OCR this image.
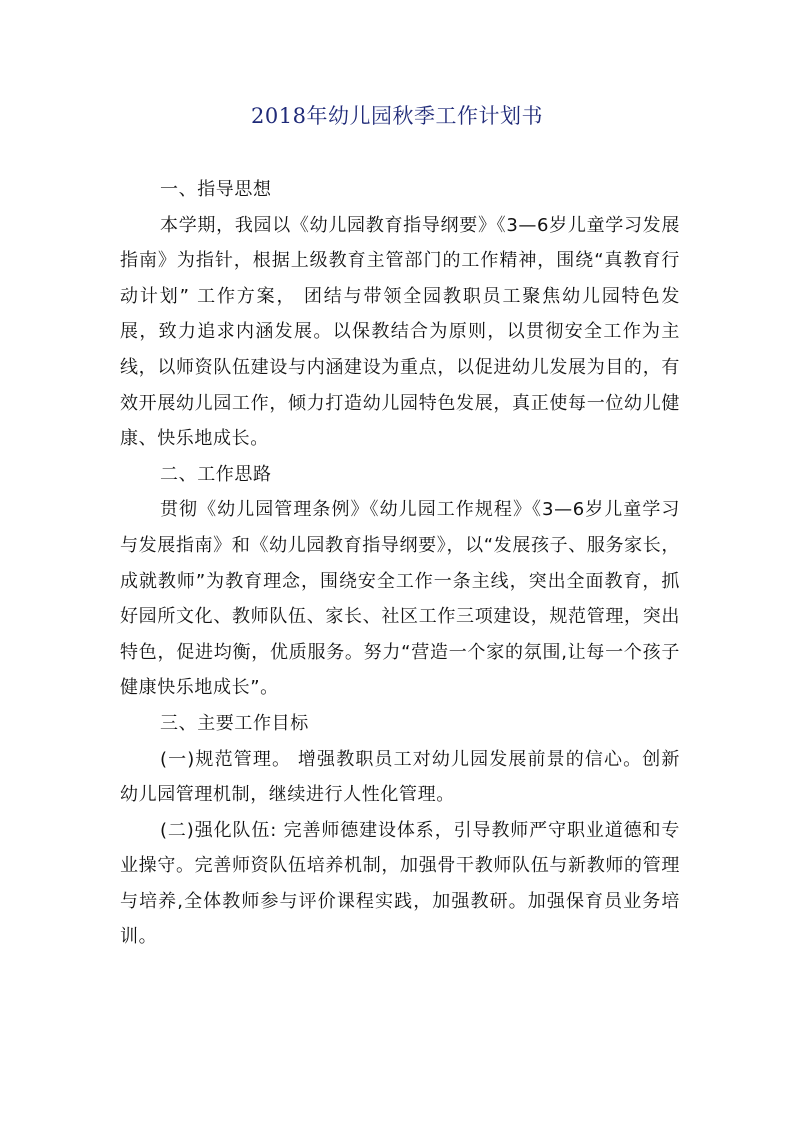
2018年幼儿园秋季工作计划书

一、指导思想

本学期，我园以《幼儿园教育指导纲要》《3—6岁儿童学习发展指南》为指针，根据上级教育主管部门的工作精神，围绕“真教育行动计划” 工作方案， 团结与带领全园教职员工聚焦幼儿园特色发展，致力追求内涵发展。以保教结合为原则，以贯彻安全工作为主线，以师资队伍建设与内涵建设为重点，以促进幼儿发展为目的，有效开展幼儿园工作，倾力打造幼儿园特色发展，真正使每一位幼儿健康、快乐地成长。

二、工作思路

贯彻《幼儿园管理条例》《幼儿园工作规程》《3—6岁儿童学习与发展指南》和《幼儿园教育指导纲要》，以“发展孩子、服务家长，成就教师”为教育理念，围绕安全工作一条主线，突出全面教育，抓好园所文化、教师队伍、家长、社区工作三项建设，规范管理，突出特色，促进均衡，优质服务。努力“营造一个家的氛围,让每一个孩子健康快乐地成长”。

三、主要工作目标

(一)规范管理。 增强教职员工对幼儿园发展前景的信心。创新幼儿园管理机制，继续进行人性化管理。

(二)强化队伍: 完善师德建设体系，引导教师严守职业道德和专业操守。完善师资队伍培养机制，加强骨干教师队伍与新教师的管理与培养,全体教师参与评价课程实践，加强教研。加强保育员业务培训。
